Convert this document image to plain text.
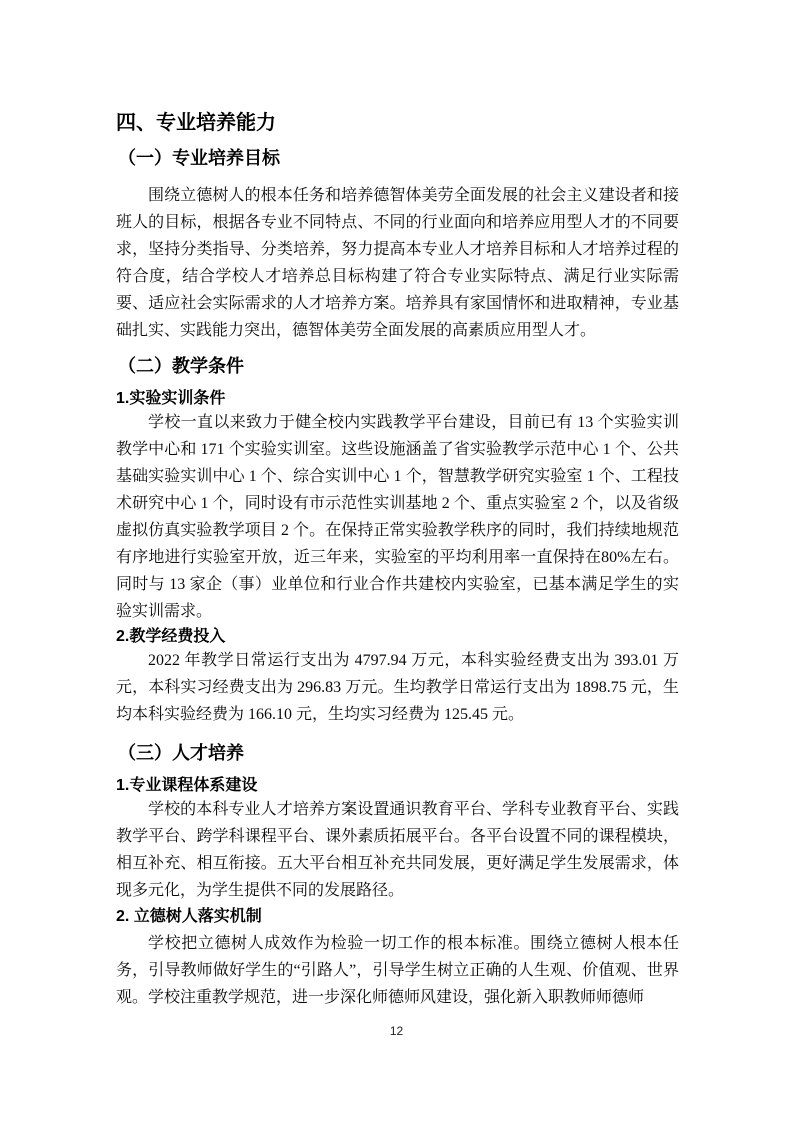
四、专业培养能力
（一）专业培养目标

围绕立德树人的根本任务和培养德智体美劳全面发展的社会主义建设者和接班人的目标，根据各专业不同特点、不同的行业面向和培养应用型人才的不同要求，坚持分类指导、分类培养，努力提高本专业人才培养目标和人才培养过程的符合度，结合学校人才培养总目标构建了符合专业实际特点、满足行业实际需要、适应社会实际需求的人才培养方案。培养具有家国情怀和进取精神，专业基础扎实、实践能力突出，德智体美劳全面发展的高素质应用型人才。

（二）教学条件
1.实验实训条件

学校一直以来致力于健全校内实践教学平台建设，目前已有 13 个实验实训教学中心和 171 个实验实训室。这些设施涵盖了省实验教学示范中心 1 个、公共基础实验实训中心 1 个、综合实训中心 1 个，智慧教学研究实验室 1 个、工程技术研究中心 1 个，同时设有市示范性实训基地 2 个、重点实验室 2 个，以及省级虚拟仿真实验教学项目 2 个。在保持正常实验教学秩序的同时，我们持续地规范有序地进行实验室开放，近三年来，实验室的平均利用率一直保持在80%左右。同时与 13 家企（事）业单位和行业合作共建校内实验室，已基本满足学生的实验实训需求。

2.教学经费投入

2022 年教学日常运行支出为 4797.94 万元，本科实验经费支出为 393.01 万元，本科实习经费支出为 296.83 万元。生均教学日常运行支出为 1898.75 元，生均本科实验经费为 166.10 元，生均实习经费为 125.45 元。

（三）人才培养
1.专业课程体系建设

学校的本科专业人才培养方案设置通识教育平台、学科专业教育平台、实践教学平台、跨学科课程平台、课外素质拓展平台。各平台设置不同的课程模块，相互补充、相互衔接。五大平台相互补充共同发展，更好满足学生发展需求，体现多元化，为学生提供不同的发展路径。

2. 立德树人落实机制

学校把立德树人成效作为检验一切工作的根本标准。围绕立德树人根本任务，引导教师做好学生的“引路人”，引导学生树立正确的人生观、价值观、世界观。学校注重教学规范，进一步深化师德师风建设，强化新入职教师师德师

12
